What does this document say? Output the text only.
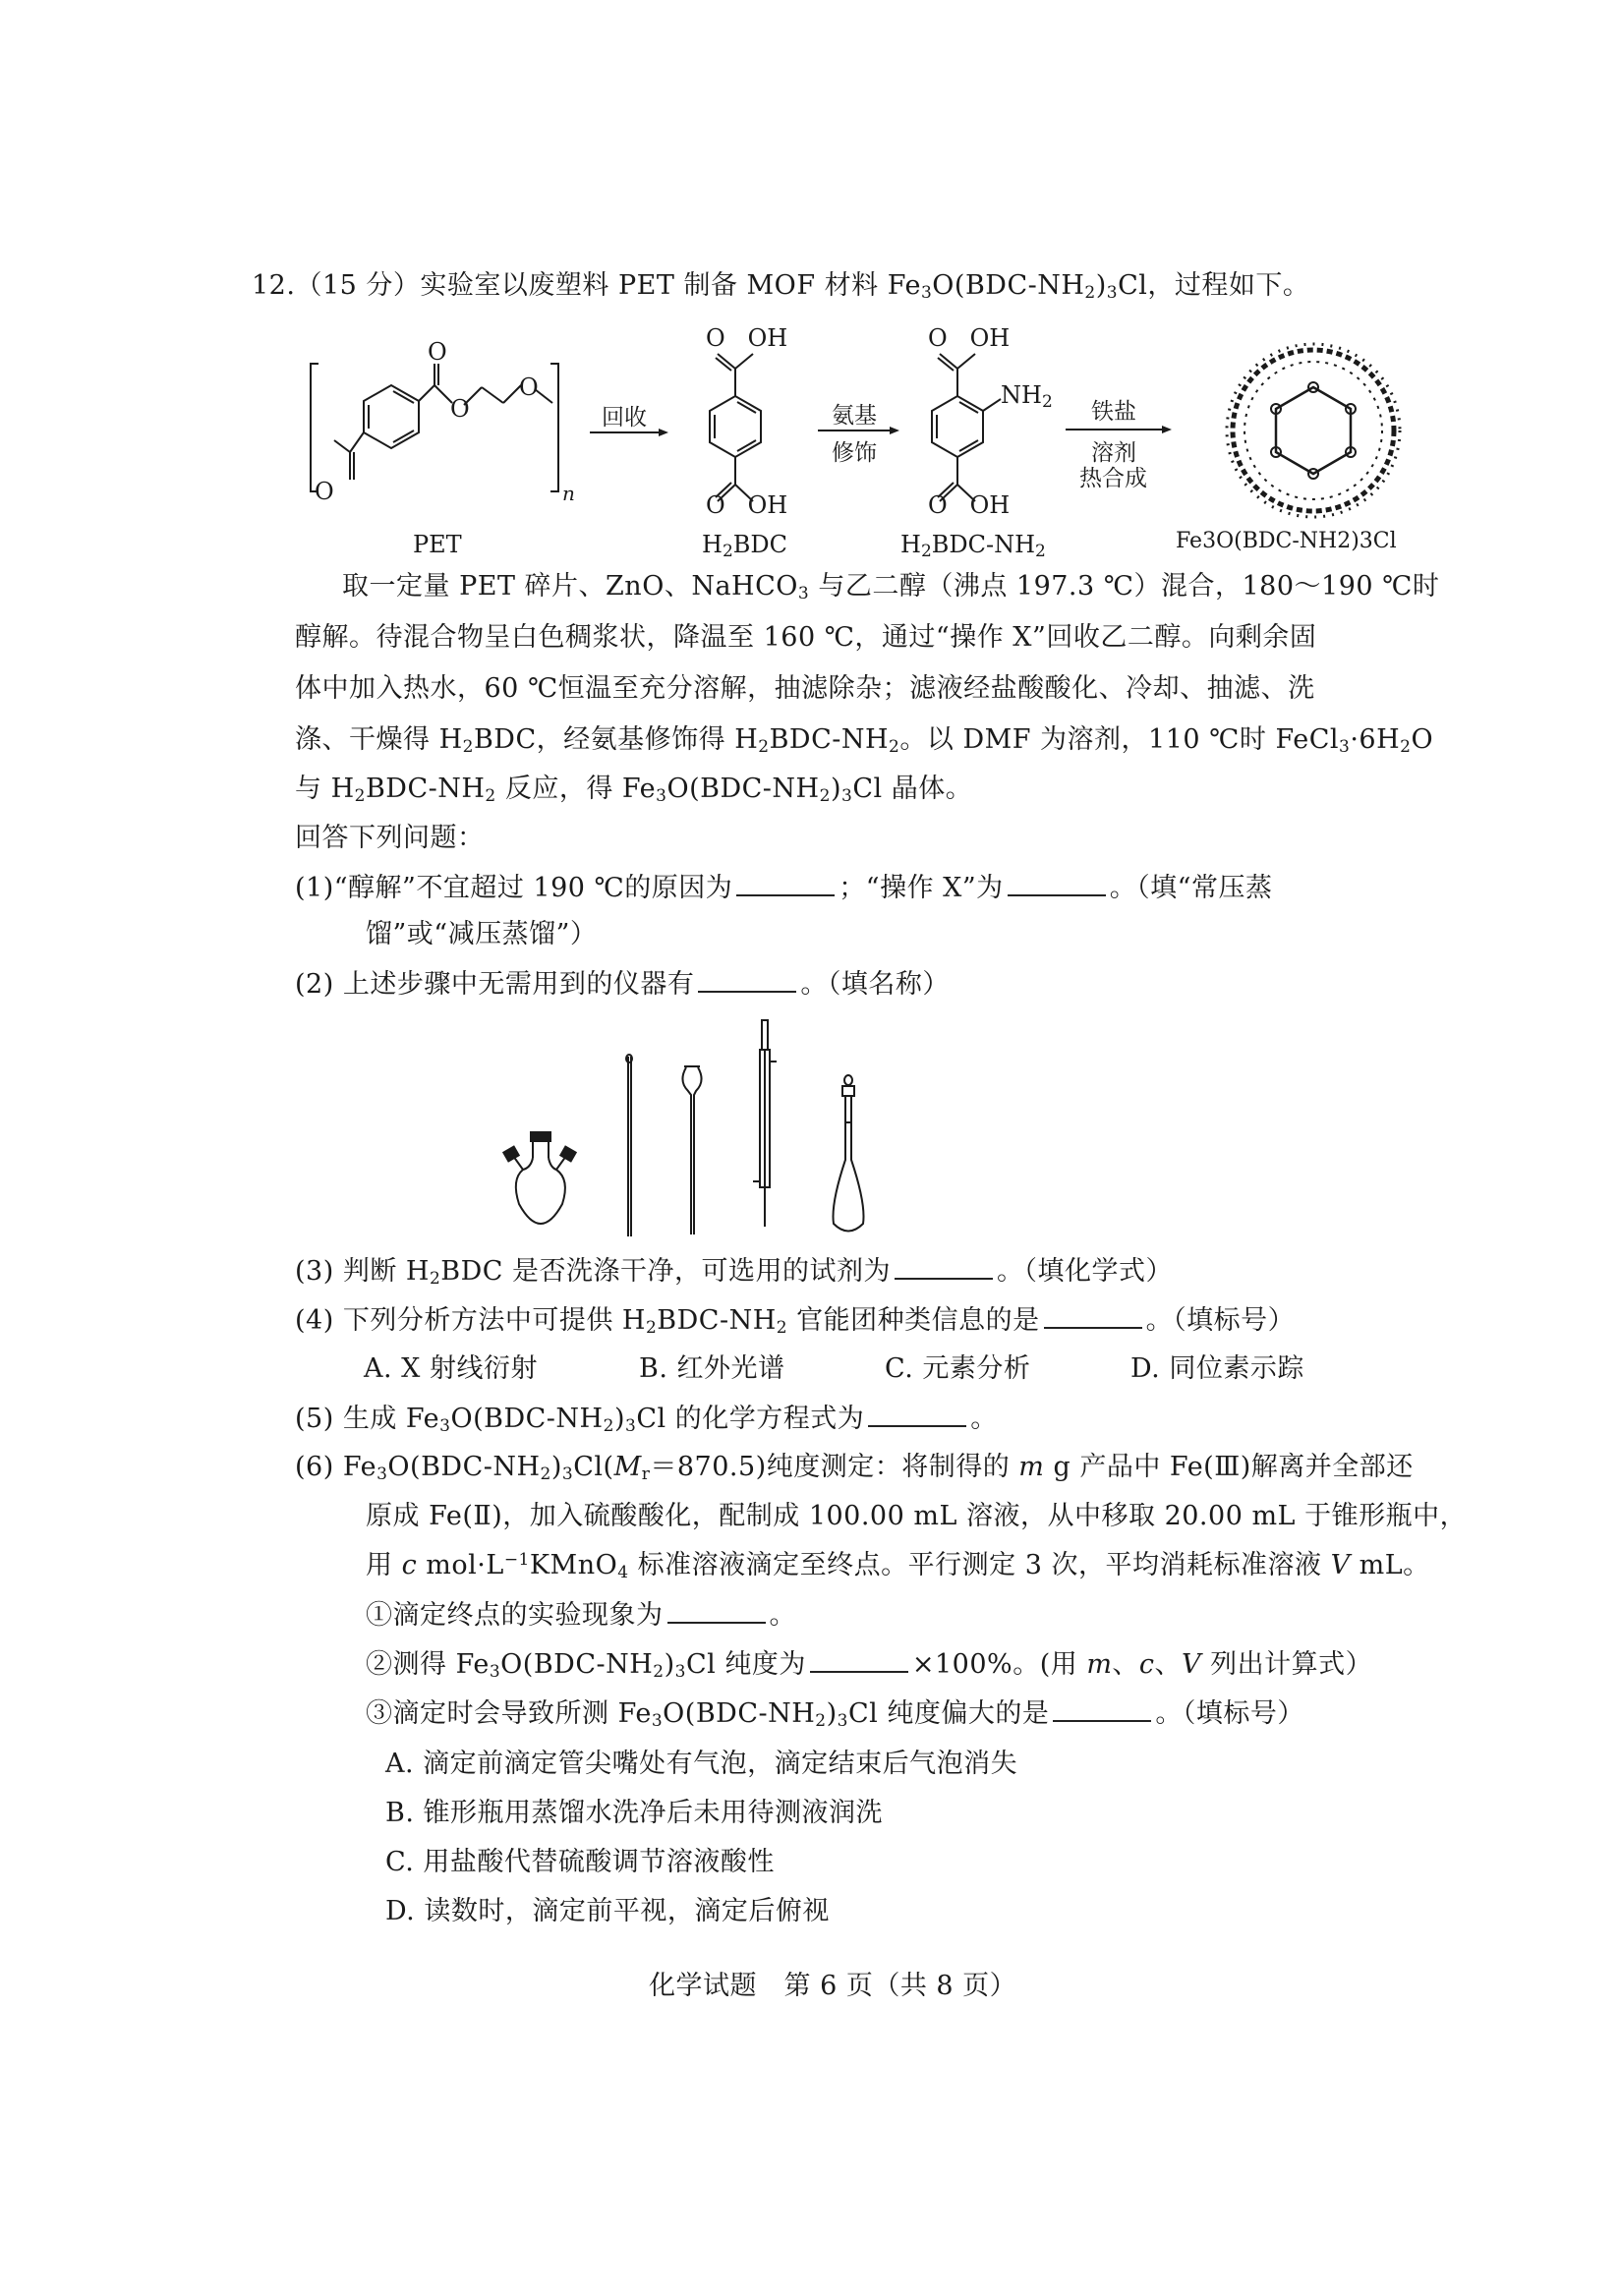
12.（15 分）实验室以废塑料 PET 制备 MOF 材料 $Fe_3O(BDC-NH_2)_3Cl$，过程如下。
O
O
O
O	n
PET
回收
O   OH
O   OH
$H_2BDC$
氨基
修饰
O   OH
$NH_2$
O   OH
$H_2BDC-NH_2$
铁盐
溶剂
热合成
Fe3O(BDC-NH2)3Cl
取一定量 PET 碎片、ZnO、NaHCO$_3$ 与乙二醇（沸点 197.3 ℃）混合，180～190 ℃时
醇解。待混合物呈白色稠浆状，降温至 160 ℃，通过“操作 X”回收乙二醇。向剩余固
体中加入热水，60 ℃恒温至充分溶解，抽滤除杂；滤液经盐酸酸化、冷却、抽滤、洗
涤、干燥得 $H_2BDC$，经氨基修饰得 $H_2BDC-NH_2$。以 DMF 为溶剂，110 ℃时 $FeCl_3\cdot 6H_2O$
与 $H_2BDC-NH_2$ 反应，得 $Fe_3O(BDC-NH_2)_3Cl$ 晶体。
回答下列问题：
(1)“醇解”不宜超过 190 ℃的原因为	；“操作 X”为	。（填“常压蒸
馏”或“减压蒸馏”）
(2) 上述步骤中无需用到的仪器有	。（填名称）
(3) 判断 $H_2BDC$ 是否洗涤干净，可选用的试剂为	。（填化学式）
(4) 下列分析方法中可提供 $H_2BDC-NH_2$ 官能团种类信息的是	。（填标号）
A. X 射线衍射	B. 红外光谱	C. 元素分析	D. 同位素示踪
(5) 生成 $Fe_3O(BDC-NH_2)_3Cl$ 的化学方程式为	。
(6) $Fe_3O(BDC-NH_2)_3Cl(M_r=870.5)$纯度测定：将制得的 m g 产品中 Fe(Ⅲ)解离并全部还
原成 Fe(Ⅱ)，加入硫酸酸化，配制成 100.00 mL 溶液，从中移取 20.00 mL 于锥形瓶中，
用 c $mol\cdot L^{-1}KMnO_4$ 标准溶液滴定至终点。平行测定 3 次，平均消耗标准溶液 V mL。
①滴定终点的实验现象为	。
②测得 $Fe_3O(BDC-NH_2)_3Cl$ 纯度为	×100%。(用 m、c、V 列出计算式）
③滴定时会导致所测 $Fe_3O(BDC-NH_2)_3Cl$ 纯度偏大的是	。（填标号）
A. 滴定前滴定管尖嘴处有气泡，滴定结束后气泡消失
B. 锥形瓶用蒸馏水洗净后未用待测液润洗
C. 用盐酸代替硫酸调节溶液酸性
D. 读数时，滴定前平视，滴定后俯视
化学试题　第 6 页（共 8 页）
